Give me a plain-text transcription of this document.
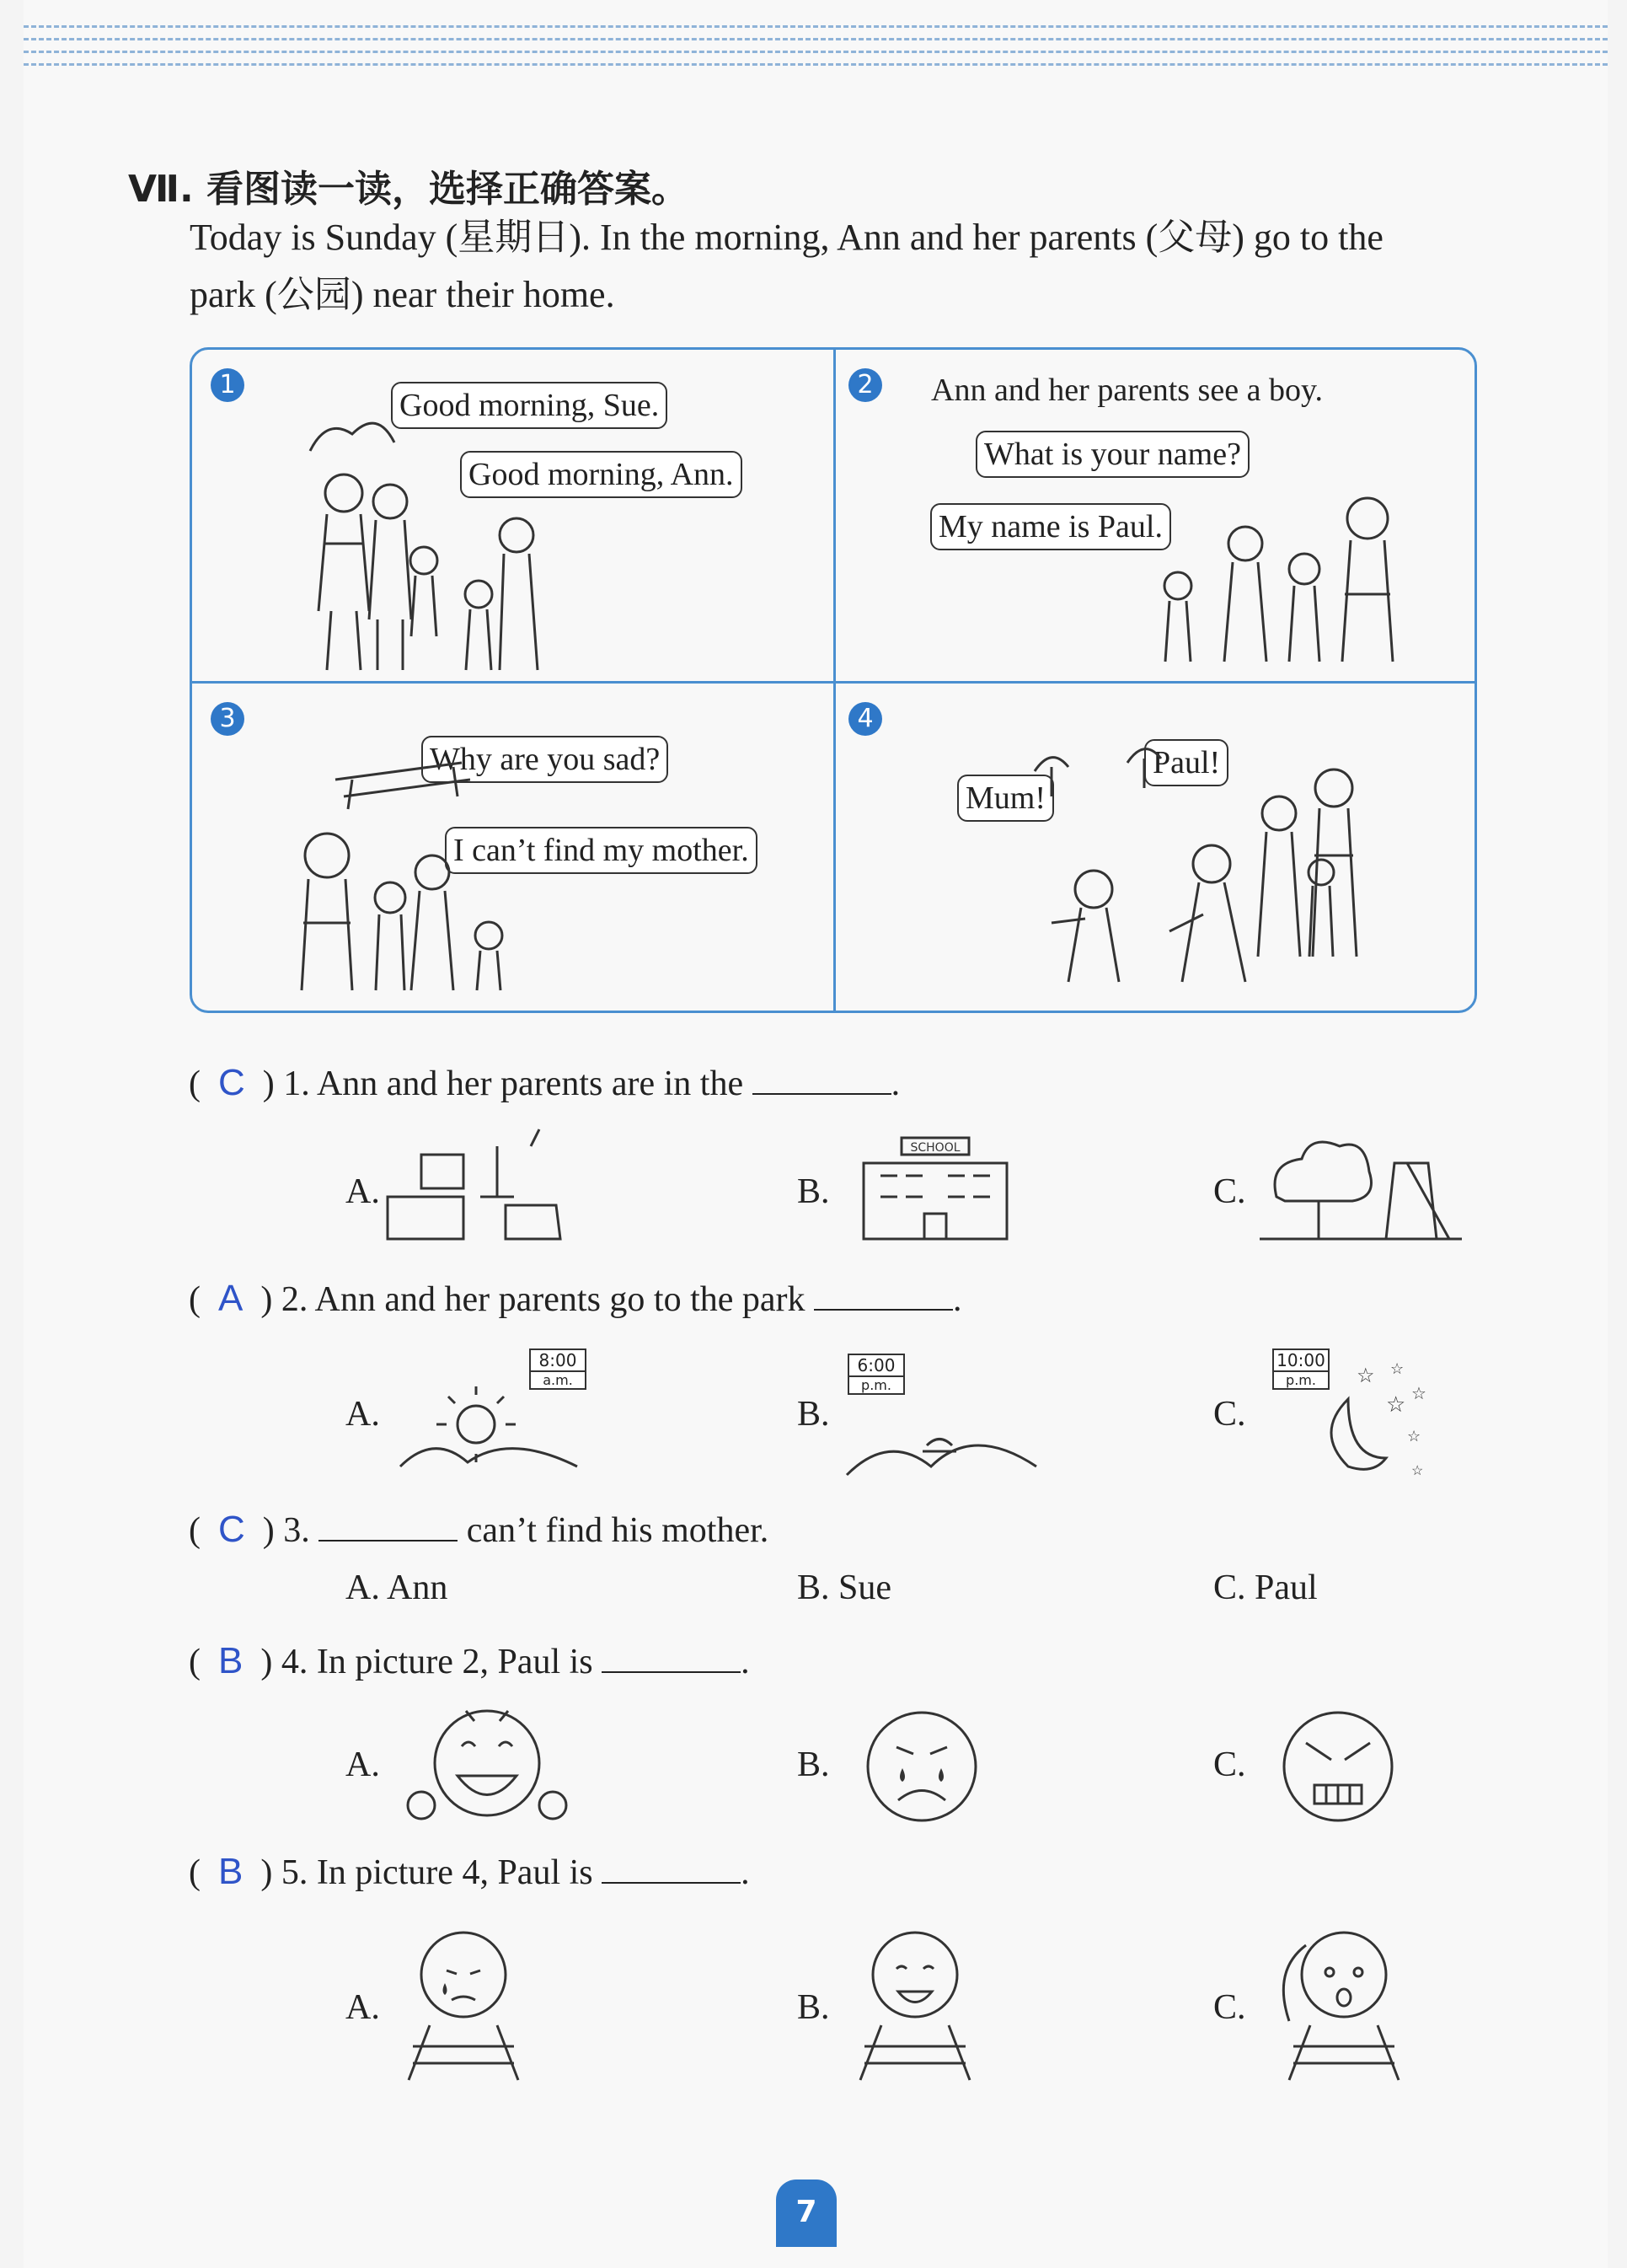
Ⅶ. 看图读一读，选择正确答案。
Today is Sunday (星期日). In the morning, Ann and her parents (父母) go to the
park (公园) near their home.
1
Good morning, Sue.
Good morning, Ann.
2 Ann and her parents see a boy.
What is your name?
My name is Paul.
3
Why are you sad?
I can’t find my mother.
4
Mum!
Paul!
( C ) 1. Ann and her parents are in the	.
A.	B.
SCHOOL
C.
( A ) 2. Ann and her parents go to the park	.
A.
8:00
a.m.
B.
6:00
p.m.
C.
10:00
p.m.	☆ ☆
☆ ☆
☆
☆
( C ) 3.	can’t find his mother.
A. Ann	B. Sue	C. Paul
( B ) 4. In picture 2, Paul is	.
A.	B.	C.
( B ) 5. In picture 4, Paul is	.
A.	B.	C.
7
